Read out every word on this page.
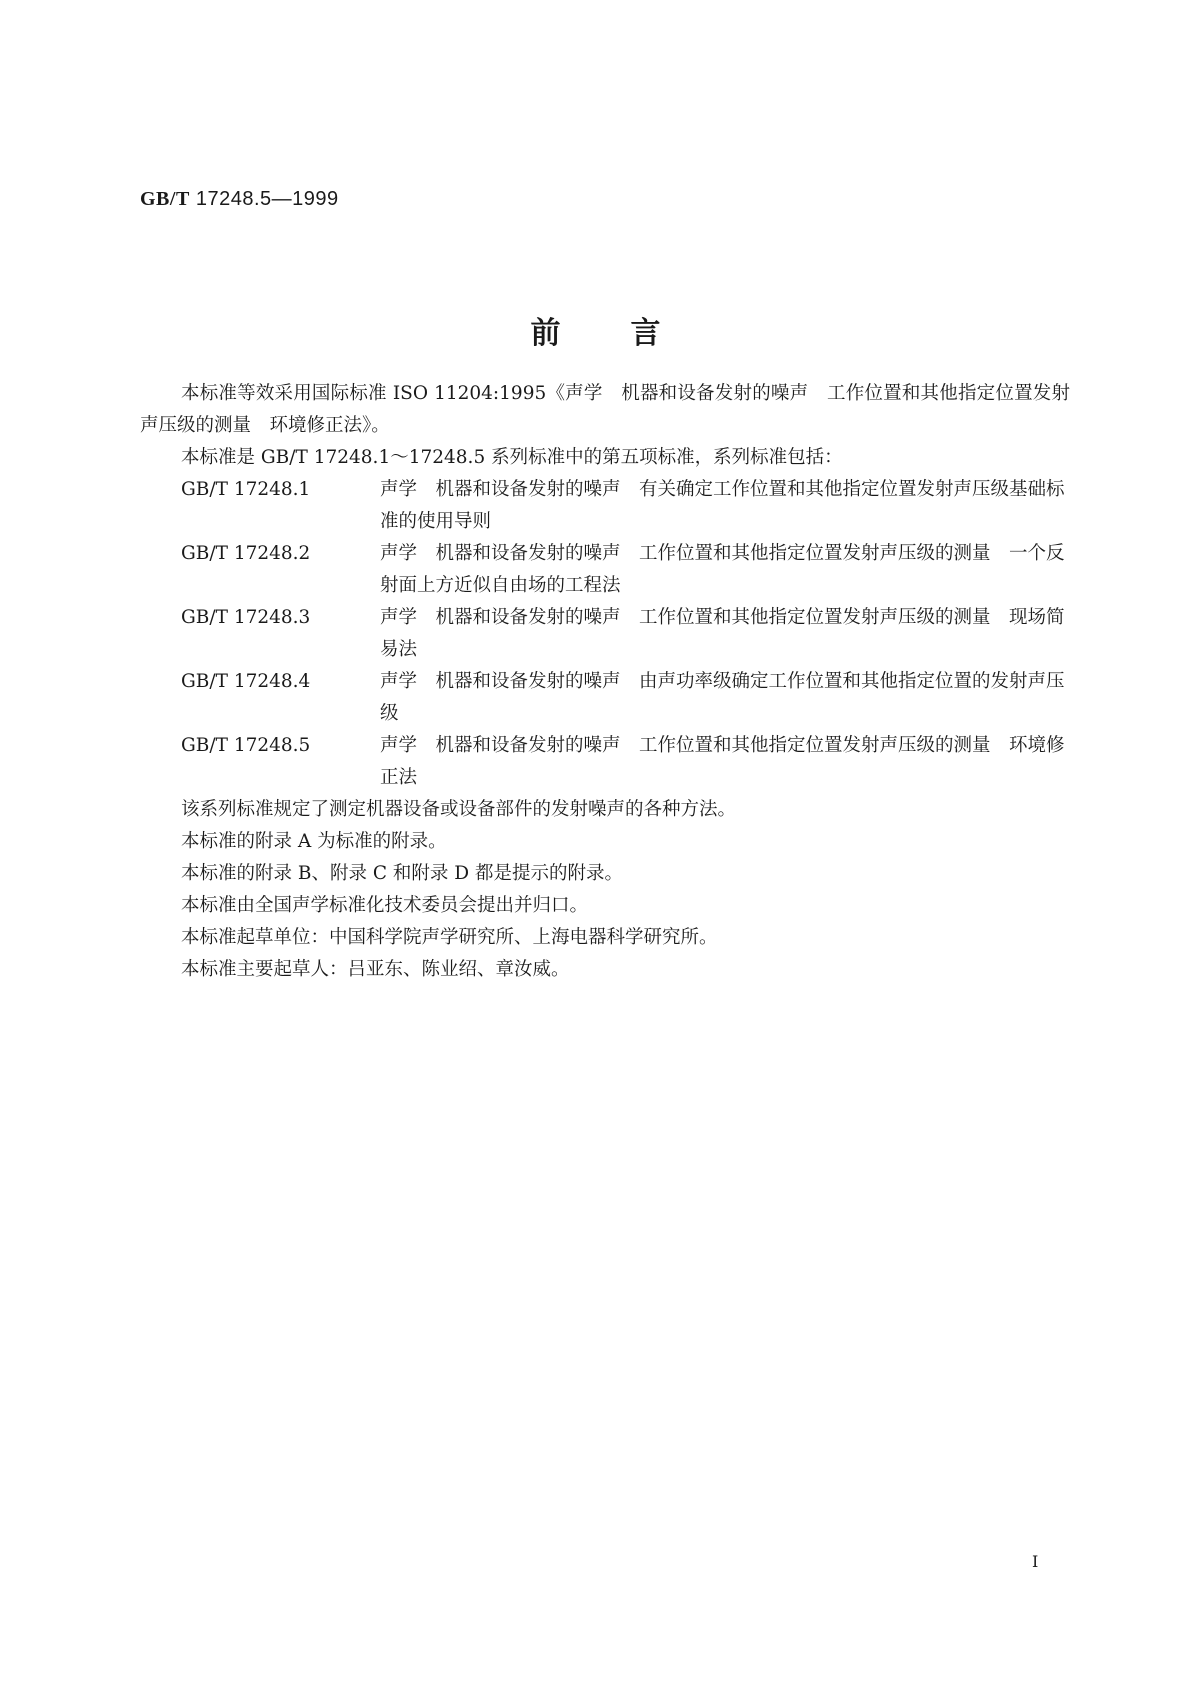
GB/T 17248.5—1999
前言

本标准等效采用国际标准 ISO 11204:1995《声学　机器和设备发射的噪声　工作位置和其他指定位置发射声压级的测量　环境修正法》。

本标准是 GB/T 17248.1～17248.5 系列标准中的第五项标准，系列标准包括：

GB/T 17248.1	声学　机器和设备发射的噪声　有关确定工作位置和其他指定位置发射声压级基础标准的使用导则
GB/T 17248.2	声学　机器和设备发射的噪声　工作位置和其他指定位置发射声压级的测量　一个反射面上方近似自由场的工程法
GB/T 17248.3	声学　机器和设备发射的噪声　工作位置和其他指定位置发射声压级的测量　现场简易法
GB/T 17248.4	声学　机器和设备发射的噪声　由声功率级确定工作位置和其他指定位置的发射声压级
GB/T 17248.5	声学　机器和设备发射的噪声　工作位置和其他指定位置发射声压级的测量　环境修正法

该系列标准规定了测定机器设备或设备部件的发射噪声的各种方法。

本标准的附录 A 为标准的附录。

本标准的附录 B、附录 C 和附录 D 都是提示的附录。

本标准由全国声学标准化技术委员会提出并归口。

本标准起草单位：中国科学院声学研究所、上海电器科学研究所。

本标准主要起草人：吕亚东、陈业绍、章汝威。

I
